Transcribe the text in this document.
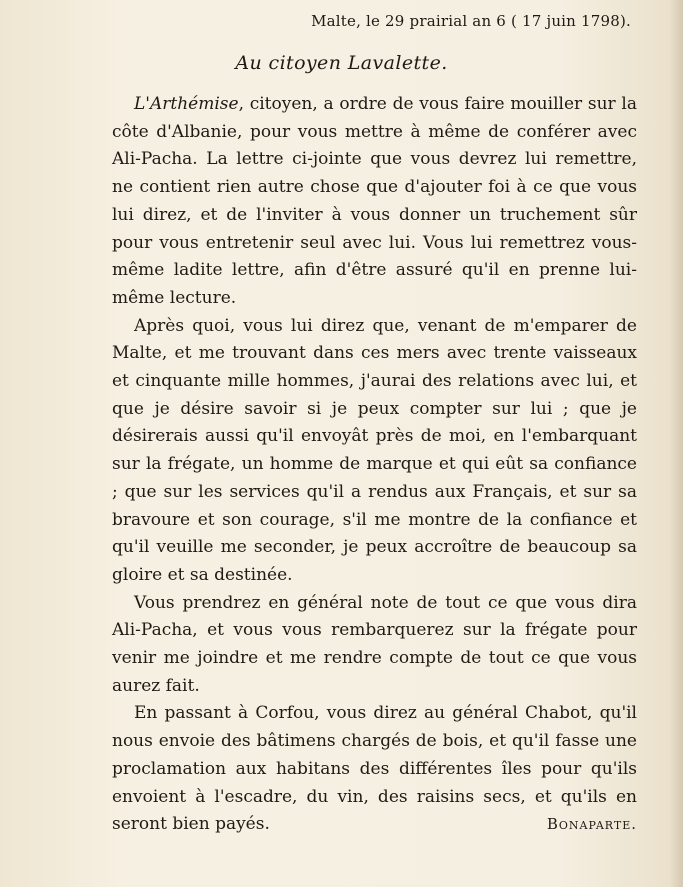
Malte, le 29 prairial an 6 ( 17 juin 1798).
Au citoyen Lavalette.

L'Arthémise, citoyen, a ordre de vous faire mouiller sur la côte d'Albanie, pour vous mettre à même de conférer avec Ali-Pacha. La lettre ci-jointe que vous devrez lui remettre, ne contient rien autre chose que d'ajouter foi à ce que vous lui direz, et de l'inviter à vous donner un truchement sûr pour vous entretenir seul avec lui. Vous lui remettrez vous-même ladite lettre, afin d'être assuré qu'il en prenne lui-même lecture.

Après quoi, vous lui direz que, venant de m'emparer de Malte, et me trouvant dans ces mers avec trente vaisseaux et cinquante mille hommes, j'aurai des relations avec lui, et que je désire savoir si je peux compter sur lui ; que je désirerais aussi qu'il envoyât près de moi, en l'embarquant sur la frégate, un homme de marque et qui eût sa confiance ; que sur les services qu'il a rendus aux Français, et sur sa bravoure et son courage, s'il me montre de la confiance et qu'il veuille me seconder, je peux accroître de beaucoup sa gloire et sa destinée.

Vous prendrez en général note de tout ce que vous dira Ali-Pacha, et vous vous rembarquerez sur la frégate pour venir me joindre et me rendre compte de tout ce que vous aurez fait.

En passant à Corfou, vous direz au général Chabot, qu'il nous envoie des bâtimens chargés de bois, et qu'il fasse une proclamation aux habitans des différentes îles pour qu'ils envoient à l'escadre, du vin, des raisins secs, et qu'ils en seront bien payés.	Bonaparte.
